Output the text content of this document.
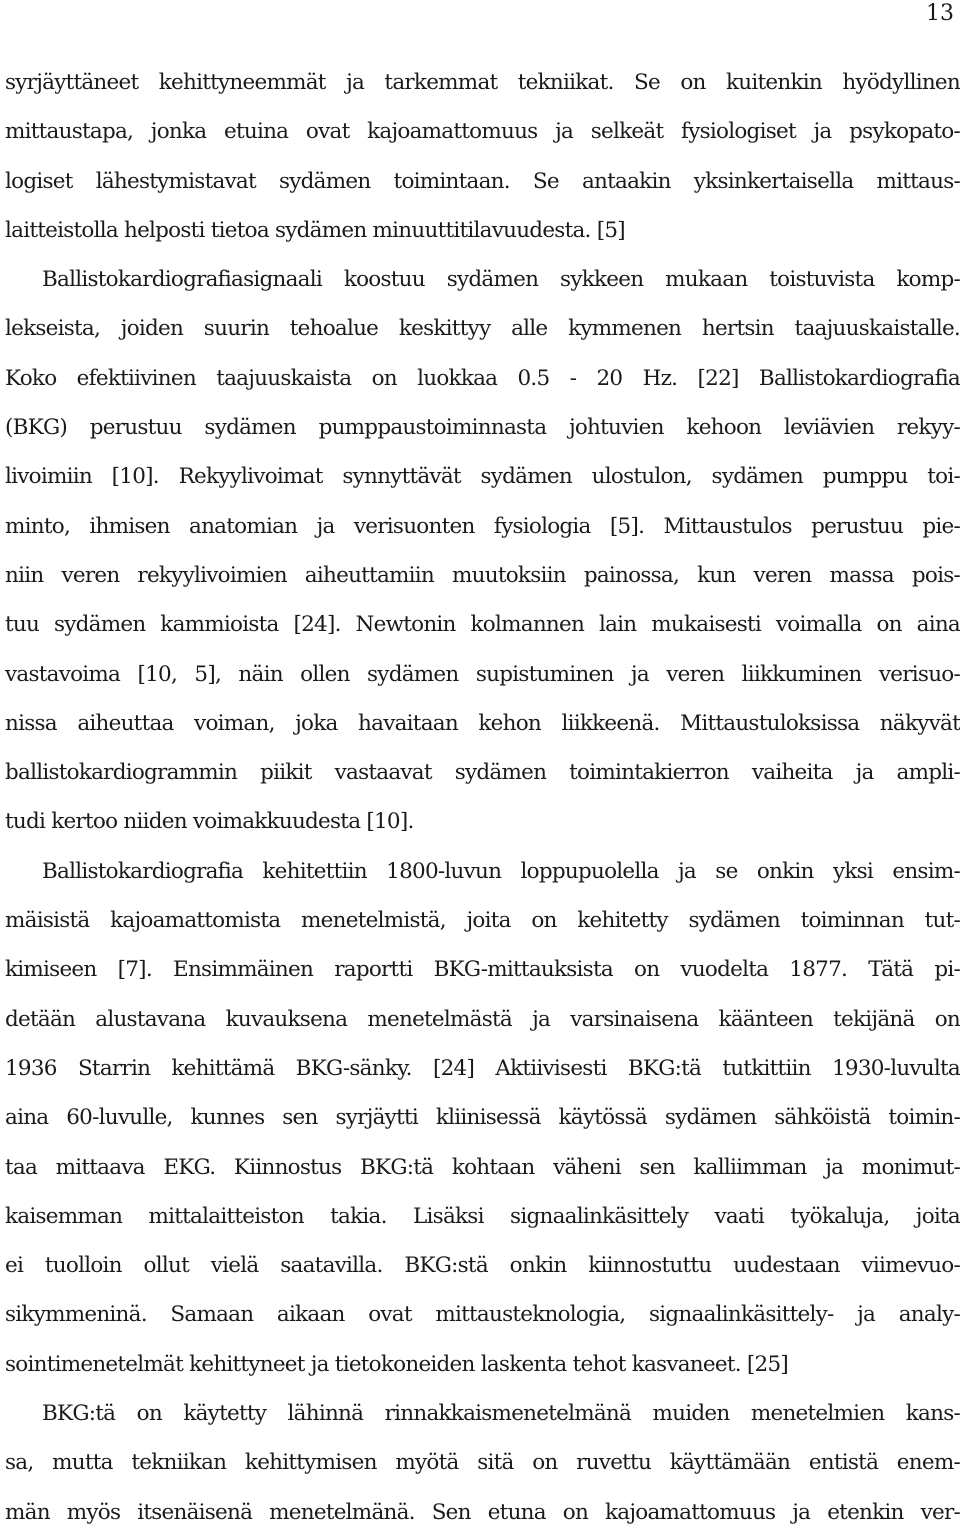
13
syrjäyttäneet kehittyneemmät ja tarkemmat tekniikat. Se on kuitenkin hyödyllinen
mittaustapa, jonka etuina ovat kajoamattomuus ja selkeät fysiologiset ja psykopato-
logiset lähestymistavat sydämen toimintaan. Se antaakin yksinkertaisella mittaus-
laitteistolla helposti tietoa sydämen minuuttitilavuudesta. [5]
Ballistokardiografiasignaali koostuu sydämen sykkeen mukaan toistuvista komp-
lekseista, joiden suurin tehoalue keskittyy alle kymmenen hertsin taajuuskaistalle.
Koko efektiivinen taajuuskaista on luokkaa 0.5 - 20 Hz. [22] Ballistokardiografia
(BKG) perustuu sydämen pumppaustoiminnasta johtuvien kehoon leviävien rekyy-
livoimiin [10]. Rekyylivoimat synnyttävät sydämen ulostulon, sydämen pumppu toi-
minto, ihmisen anatomian ja verisuonten fysiologia [5]. Mittaustulos perustuu pie-
niin veren rekyylivoimien aiheuttamiin muutoksiin painossa, kun veren massa pois-
tuu sydämen kammioista [24]. Newtonin kolmannen lain mukaisesti voimalla on aina
vastavoima [10, 5], näin ollen sydämen supistuminen ja veren liikkuminen verisuo-
nissa aiheuttaa voiman, joka havaitaan kehon liikkeenä. Mittaustuloksissa näkyvät
ballistokardiogrammin piikit vastaavat sydämen toimintakierron vaiheita ja ampli-
tudi kertoo niiden voimakkuudesta [10].
Ballistokardiografia kehitettiin 1800-luvun loppupuolella ja se onkin yksi ensim-
mäisistä kajoamattomista menetelmistä, joita on kehitetty sydämen toiminnan tut-
kimiseen [7]. Ensimmäinen raportti BKG-mittauksista on vuodelta 1877. Tätä pi-
detään alustavana kuvauksena menetelmästä ja varsinaisena käänteen tekijänä on
1936 Starrin kehittämä BKG-sänky. [24] Aktiivisesti BKG:tä tutkittiin 1930-luvulta
aina 60-luvulle, kunnes sen syrjäytti kliinisessä käytössä sydämen sähköistä toimin-
taa mittaava EKG. Kiinnostus BKG:tä kohtaan väheni sen kalliimman ja monimut-
kaisemman mittalaitteiston takia. Lisäksi signaalinkäsittely vaati työkaluja, joita
ei tuolloin ollut vielä saatavilla. BKG:stä onkin kiinnostuttu uudestaan viimevuo-
sikymmeninä. Samaan aikaan ovat mittausteknologia, signaalinkäsittely- ja analy-
sointimenetelmät kehittyneet ja tietokoneiden laskenta tehot kasvaneet. [25]
BKG:tä on käytetty lähinnä rinnakkaismenetelmänä muiden menetelmien kans-
sa, mutta tekniikan kehittymisen myötä sitä on ruvettu käyttämään entistä enem-
män myös itsenäisenä menetelmänä. Sen etuna on kajoamattomuus ja etenkin ver-
